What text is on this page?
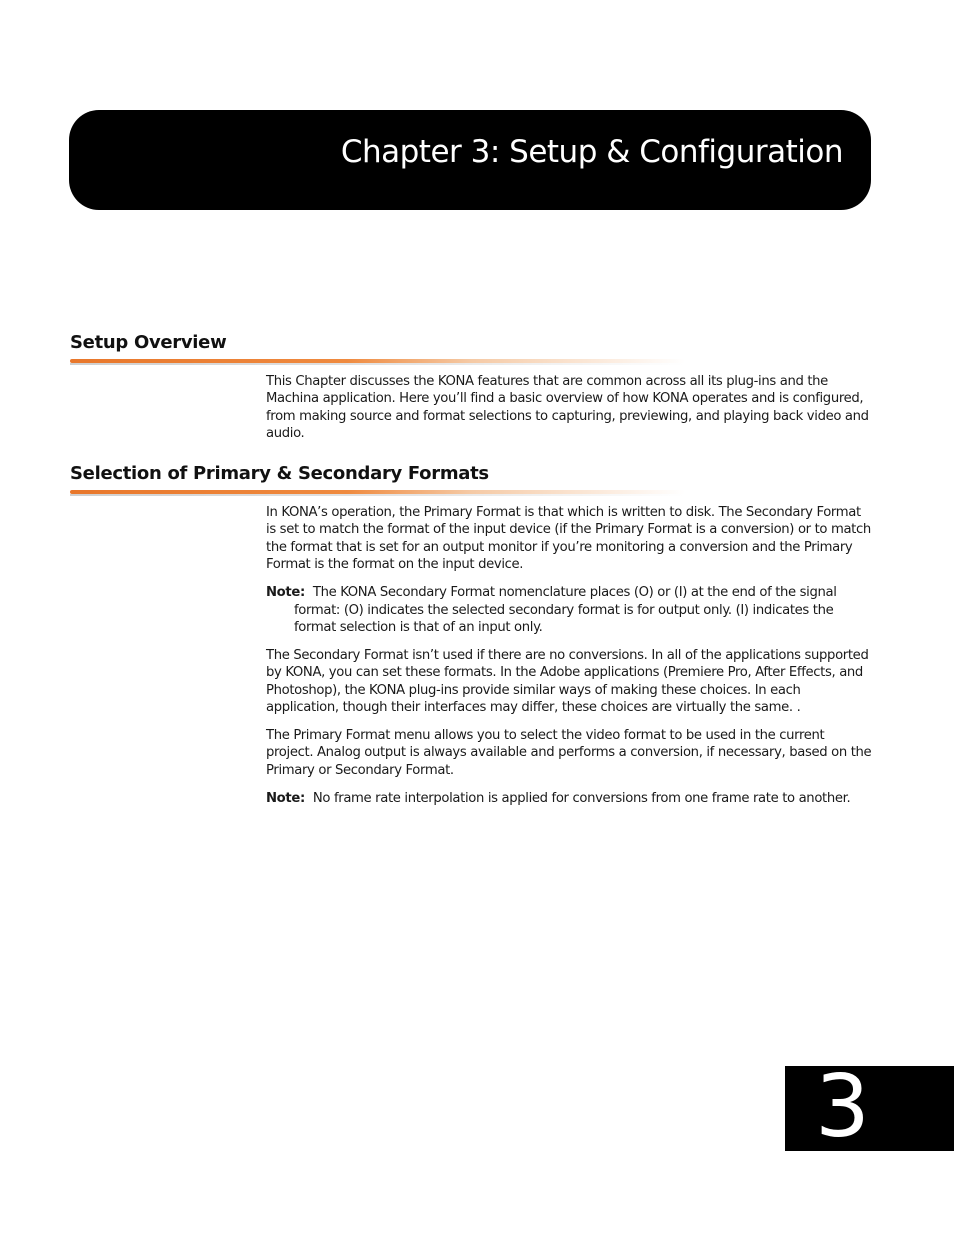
Chapter 3: Setup & Configuration
Setup Overview

This Chapter discusses the KONA features that are common across all its plug-ins and the Machina application. Here you’ll find a basic overview of how KONA operates and is configured, from making source and format selections to capturing, previewing, and playing back video and audio.

Selection of Primary & Secondary Formats

In KONA’s operation, the Primary Format is that which is written to disk. The Secondary Format is set to match the format of the input device (if the Primary Format is a conversion) or to match the format that is set for an output monitor if you’re monitoring a conversion and the Primary Format is the format on the input device.

Note: The KONA Secondary Format nomenclature places (O) or (I) at the end of the signal format: (O) indicates the selected secondary format is for output only. (I) indicates the format selection is that of an input only.

The Secondary Format isn’t used if there are no conversions. In all of the applications supported by KONA, you can set these formats. In the Adobe applications (Premiere Pro, After Effects, and Photoshop), the KONA plug-ins provide similar ways of making these choices. In each application, though their interfaces may differ, these choices are virtually the same. .

The Primary Format menu allows you to select the video format to be used in the current project. Analog output is always available and performs a conversion, if necessary, based on the Primary or Secondary Format.

Note: No frame rate interpolation is applied for conversions from one frame rate to another.

3
